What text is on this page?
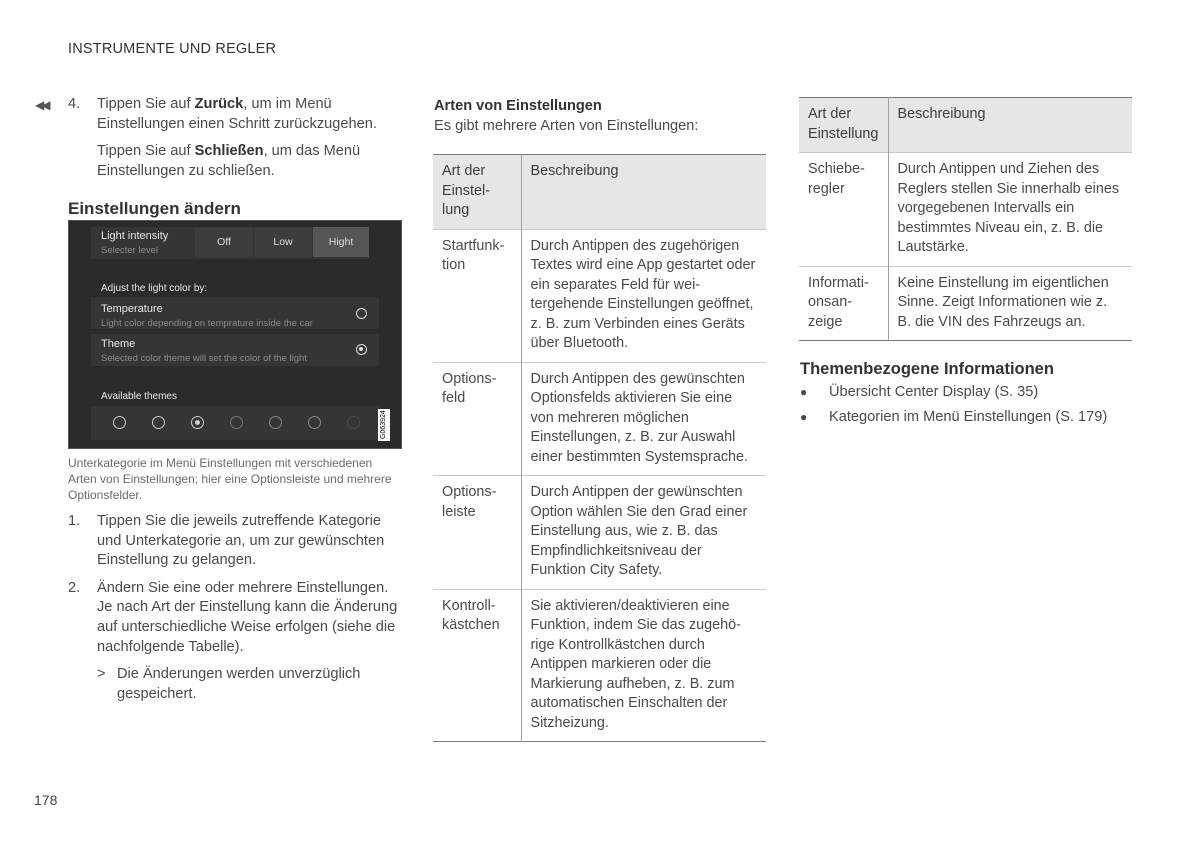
INSTRUMENTE UND REGLER
◀◀ 4.	Tippen Sie auf Zurück, um im Menü Einstellungen einen Schritt zurückzugehen.
Tippen Sie auf Schließen, um das Menü Einstellungen zu schließen.
Einstellungen ändern
Light intensity
Selecter level
Off	Low	Hight
Adjust the light color by:
Temperature
Light color depending on temprature inside the car
Theme
Selected color theme will set the color of the light
Available themes
G063924
Unterkategorie im Menü Einstellungen mit verschiedenen Arten von Einstellungen; hier eine Optionsleiste und mehrere Optionsfelder.
1.	Tippen Sie die jeweils zutreffende Kategorie und Unterkategorie an, um zur gewünschten Einstellung zu gelangen.
2.	Ändern Sie eine oder mehrere Einstellungen. Je nach Art der Einstellung kann die Änderung auf unterschiedliche Weise erfolgen (siehe die nachfolgende Tabelle).
> Die Änderungen werden unverzüglich gespeichert.
Arten von Einstellungen
Es gibt mehrere Arten von Einstellungen:
Art der Einstellung	Beschreibung
Startfunktion	Durch Antippen des zugehörigen Textes wird eine App gestartet oder ein separates Feld für weitergehende Einstellungen geöffnet, z. B. zum Verbinden eines Geräts über Bluetooth.
Optionsfeld	Durch Antippen des gewünschten Optionsfelds aktivieren Sie eine von mehreren möglichen Einstellungen, z. B. zur Auswahl einer bestimmten Systemsprache.
Optionsleiste	Durch Antippen der gewünschten Option wählen Sie den Grad einer Einstellung aus, wie z. B. das Empfindlichkeitsniveau der Funktion City Safety.
Kontrollkästchen	Sie aktivieren/deaktivieren eine Funktion, indem Sie das zugehörige Kontrollkästchen durch Antippen markieren oder die Markierung aufheben, z. B. zum automatischen Einschalten der Sitzheizung.
Art der Einstellung	Beschreibung
Schieberegler	Durch Antippen und Ziehen des Reglers stellen Sie innerhalb eines vorgegebenen Intervalls ein bestimmtes Niveau ein, z. B. die Lautstärke.
Informationsanzeige	Keine Einstellung im eigentlichen Sinne. Zeigt Informationen wie z. B. die VIN des Fahrzeugs an.
Themenbezogene Informationen
●	Übersicht Center Display (S. 35)
●	Kategorien im Menü Einstellungen (S. 179)
178
